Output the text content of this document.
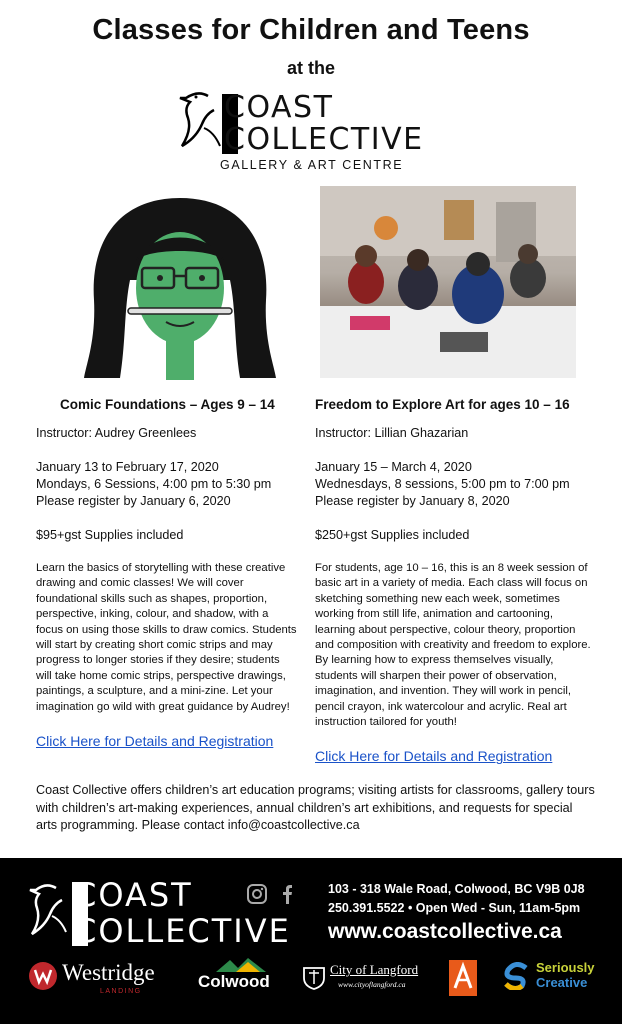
Classes for Children and Teens
at the
COAST
COLLECTIVE
GALLERY & ART CENTRE
Comic Foundations – Ages 9 – 14

Instructor: Audrey Greenlees

January 13 to February 17, 2020
Mondays, 6 Sessions, 4:00 pm to 5:30 pm

Please register by January 6, 2020

$95+gst Supplies included

Learn the basics of storytelling with these creative drawing and comic classes! We will cover foundational skills such as shapes, proportion, perspective, inking, colour, and shadow, with a focus on using those skills to draw comics. Students will start by creating short comic strips and may progress to longer stories if they desire; students will take home comic strips, perspective drawings, paintings, a sculpture, and a mini-zine. Let your imagination go wild with great guidance by Audrey!
Click Here for Details and Registration
Freedom to Explore Art for ages 10 – 16

Instructor: Lillian Ghazarian

January 15 – March 4, 2020
Wednesdays, 8 sessions, 5:00 pm to 7:00 pm

Please register by January 8, 2020

$250+gst Supplies included

For students, age 10 – 16, this is an 8 week session of basic art in a variety of media. Each class will focus on sketching something new each week, sometimes working from still life, animation and cartooning, learning about perspective, colour theory, proportion and composition with creativity and freedom to explore. By learning how to express themselves visually, students will sharpen their power of observation, imagination, and invention. They will work in pencil, pencil crayon, ink watercolour and acrylic. Real art instruction tailored for youth!
Click Here for Details and Registration
Coast Collective offers children’s art education programs; visiting artists for classrooms, gallery tours with children’s art-making experiences, annual children’s art exhibitions, and requests for special arts programming. Please contact info@coastcollective.ca
COAST
COLLECTIVE
103 - 318 Wale Road, Colwood, BC V9B 0J8
250.391.5522 • Open Wed - Sun, 11am-5pm
www.coastcollective.ca
Westridge
LANDING
Colwood
City of Langford
www.cityoflangford.ca
Seriously
Creative
